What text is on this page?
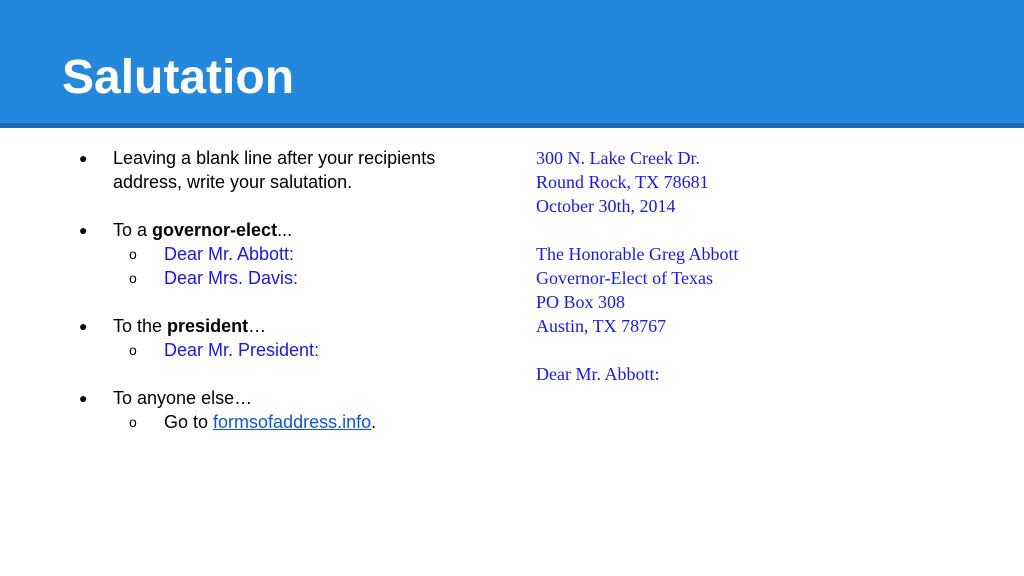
Salutation
● Leaving a blank line after your recipients
address, write your salutation.
● To a governor-elect...
o Dear Mr. Abbott:
o Dear Mrs. Davis:
● To the president…
o Dear Mr. President:
● To anyone else…
o Go to formsofaddress.info.
300 N. Lake Creek Dr.
Round Rock, TX 78681
October 30th, 2014
The Honorable Greg Abbott
Governor-Elect of Texas
PO Box 308
Austin, TX 78767
Dear Mr. Abbott:
